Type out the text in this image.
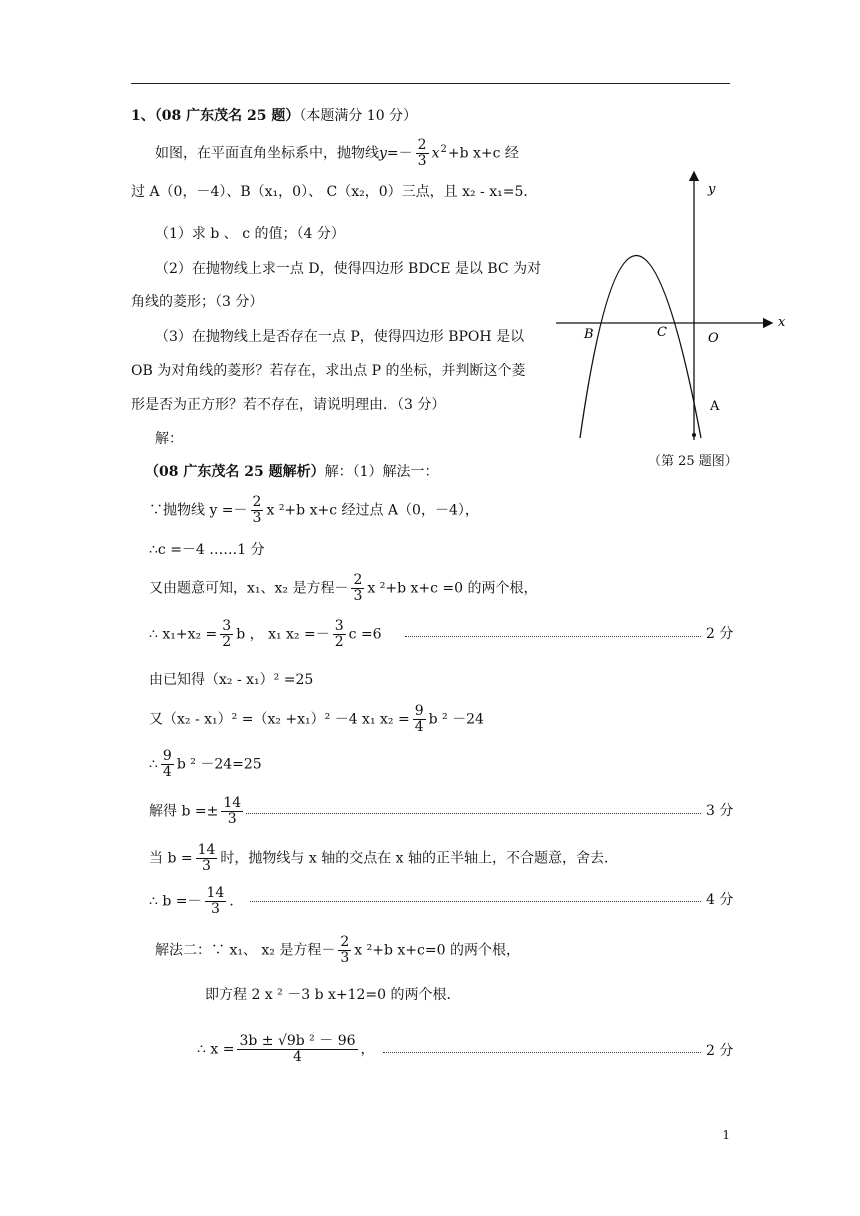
1、（08 广东茂名 25 题）（本题满分 10 分）
如图，在平面直角坐标系中，抛物线$y=- \frac{2}{3} x^2+b$ x+c 经
过 A（0，－4）、B（x₁，0）、 C（x₂，0）三点，且 x₂ - x₁=5．
（1）求 b 、 c 的值；（4 分）
（2）在抛物线上求一点 D，使得四边形 BDCE 是以 BC 为对
角线的菱形；（3 分）
（3）在抛物线上是否存在一点 P，使得四边形 BPOH 是以
OB 为对角线的菱形？若存在，求出点 P 的坐标，并判断这个菱
形是否为正方形？若不存在，请说明理由．（3 分）
解：
y
x
B	C	O
A
（第 25 题图）
（08 广东茂名 25 题解析）解：（1）解法一：
∵抛物线 $y =- \frac{2}{3}$ x ²+b x+c 经过点 A（0，－4），
∴c =－4 ……1 分
又由题意可知，x₁、x₂ 是方程－ $\frac{2}{3}$ x ²+b x+c =0 的两个根，
∴ $x_1+x_2 = \frac{3}{2}$ b ， x₁ $x_2 =- \frac{3}{2}$ c =6	2 分
由已知得（x₂ - x₁）² =25
又（x₂ - x₁）² =（x₂ +x₁）² －4 x₁ $x_2 = \frac{9}{4}$ b ² －24
∴ $\frac{9}{4}$ b ² －24=25
解得 $b =\pm \frac{14}{3}$	3 分
当 $b = \frac{14}{3}$ 时，抛物线与 x 轴的交点在 x 轴的正半轴上，不合题意，舍去．
∴ $b =- \frac{14}{3}$ ．	4 分
解法二：∵ x₁、 x₂ 是方程－ $\frac{2}{3}$ x ²+b x+c=0 的两个根，
即方程 2 x ² －3 b x+12=0 的两个根．
∴ $x = \frac{\text{3b ± √9b ² － 96}}{4}$ ，	2 分
1
